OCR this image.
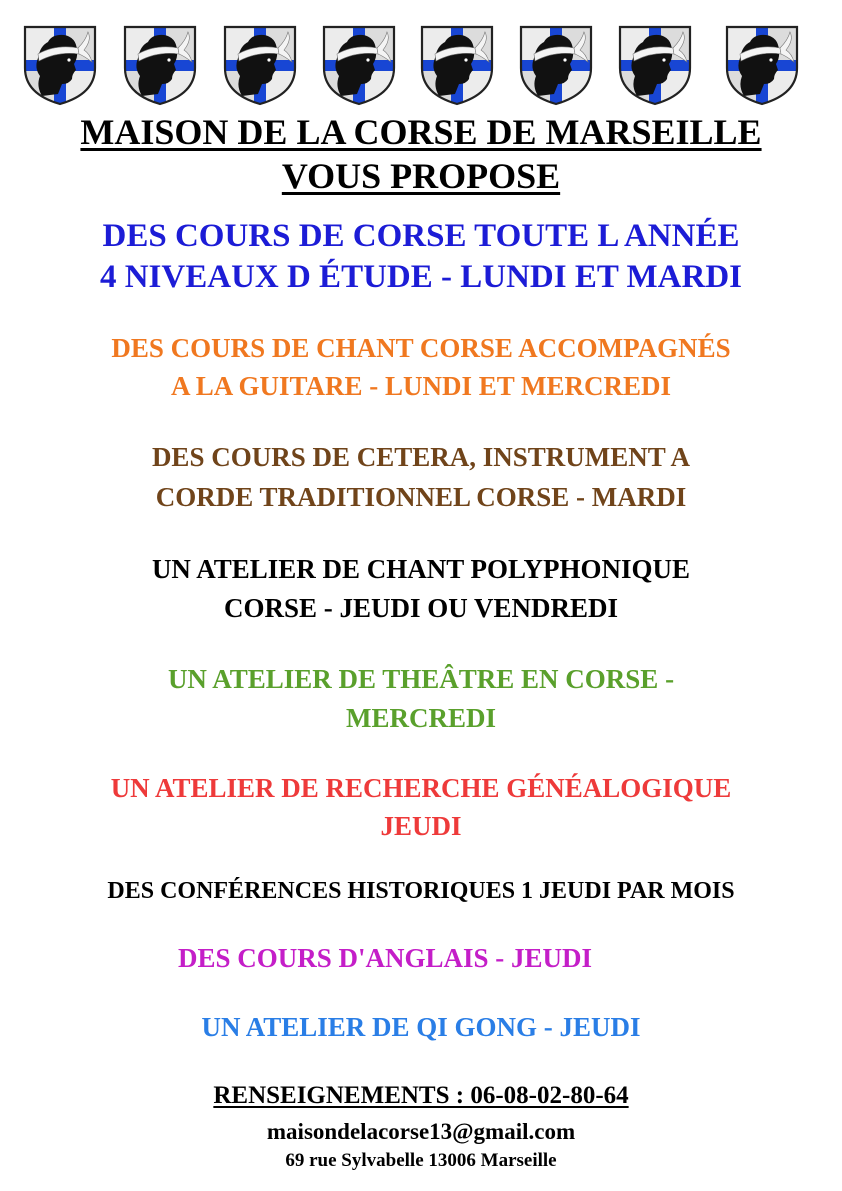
MAISON DE LA CORSE DE MARSEILLE
VOUS PROPOSE
DES COURS DE CORSE TOUTE L ANNÉE
4 NIVEAUX D ÉTUDE - LUNDI ET MARDI
DES COURS DE CHANT CORSE ACCOMPAGNÉS
A LA GUITARE - LUNDI ET MERCREDI
DES COURS DE CETERA, INSTRUMENT A
CORDE TRADITIONNEL CORSE - MARDI
UN ATELIER DE CHANT POLYPHONIQUE
CORSE - JEUDI OU VENDREDI
UN ATELIER DE THEÂTRE EN CORSE -
MERCREDI
UN ATELIER DE RECHERCHE GÉNÉALOGIQUE
JEUDI
DES CONFÉRENCES HISTORIQUES 1 JEUDI PAR MOIS
DES COURS D'ANGLAIS - JEUDI
UN ATELIER DE QI GONG - JEUDI
RENSEIGNEMENTS : 06-08-02-80-64
maisondelacorse13@gmail.com
69 rue Sylvabelle 13006 Marseille
